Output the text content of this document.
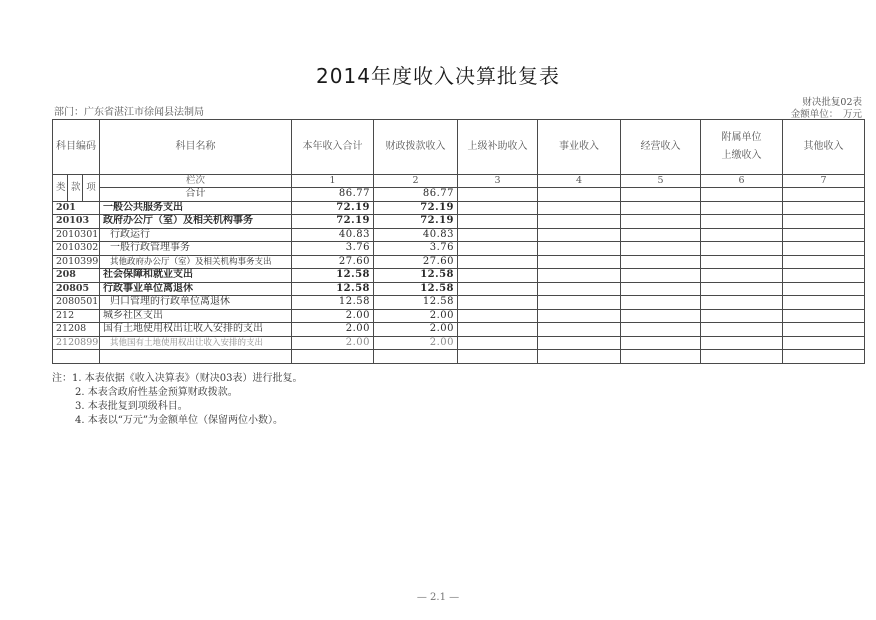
2014年度收入决算批复表
部门：广东省湛江市徐闻县法制局
财决批复02表
金额单位：　万元
科目编码			科目名称	本年收入合计	财政拨款收入	上级补助收入	事业收入	经营收入	附属单位
上缴收入	其他收入
类	款	项	栏次	1	2	3	4	5	6	7
			合计	86.77	86.77					
201			一般公共服务支出	72.19	72.19					
20103			政府办公厅（室）及相关机构事务	72.19	72.19					
2010301			行政运行	40.83	40.83					
2010302			一般行政管理事务	3.76	3.76					
2010399			其他政府办公厅（室）及相关机构事务支出	27.60	27.60					
208			社会保障和就业支出	12.58	12.58					
20805			行政事业单位离退休	12.58	12.58					
2080501			归口管理的行政单位离退休	12.58	12.58					
212			城乡社区支出	2.00	2.00					
21208			国有土地使用权出让收入安排的支出	2.00	2.00					
2120899			其他国有土地使用权出让收入安排的支出	2.00	2.00					

注：1. 本表依据《收入决算表》（财决03表）进行批复。
2. 本表含政府性基金预算财政拨款。
3. 本表批复到项级科目。
4. 本表以“万元”为金额单位（保留两位小数）。
— 2.1 —
